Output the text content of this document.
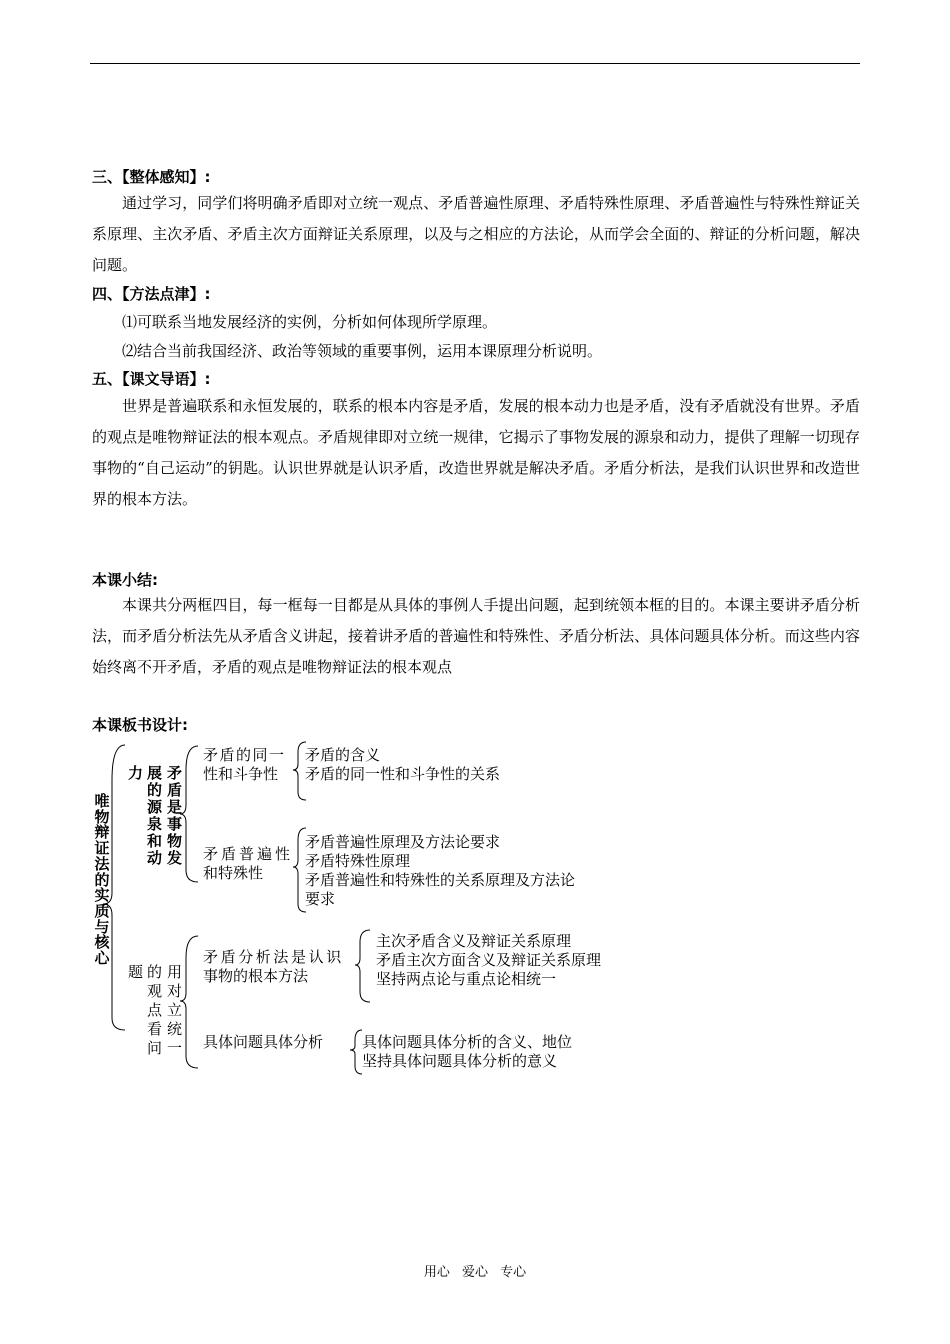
三、【整体感知】:
通过学习，同学们将明确矛盾即对立统一观点、矛盾普遍性原理、矛盾特殊性原理、矛盾普遍性与特殊性辩证关系原理、主次矛盾、矛盾主次方面辩证关系原理，以及与之相应的方法论，从而学会全面的、辩证的分析问题，解决问题。
四、【方法点津】:
⑴可联系当地发展经济的实例，分析如何体现所学原理。
⑵结合当前我国经济、政治等领域的重要事例，运用本课原理分析说明。
五、【课文导语】:
世界是普遍联系和永恒发展的，联系的根本内容是矛盾，发展的根本动力也是矛盾，没有矛盾就没有世界。矛盾的观点是唯物辩证法的根本观点。矛盾规律即对立统一规律，它揭示了事物发展的源泉和动力，提供了理解一切现存事物的“自己运动”的钥匙。认识世界就是认识矛盾，改造世界就是解决矛盾。矛盾分析法，是我们认识世界和改造世界的根本方法。
本课小结:
本课共分两框四目，每一框每一目都是从具体的事例人手提出问题，起到统领本框的目的。本课主要讲矛盾分析法，而矛盾分析法先从矛盾含义讲起，接着讲矛盾的普遍性和特殊性、矛盾分析法、具体问题具体分析。而这些内容始终离不开矛盾，矛盾的观点是唯物辩证法的根本观点
本课板书设计:
唯物辩证法的实质与核心
矛盾是事物发
展的源泉和动
力
用对立统一
的观点看问
题
矛盾的同一
性和斗争性
矛盾的含义
矛盾的同一性和斗争性的关系
矛盾普遍性
和特殊性
矛盾普遍性原理及方法论要求
矛盾特殊性原理
矛盾普遍性和特殊性的关系原理及方法论
要求
矛盾分析法是认识
事物的根本方法
主次矛盾含义及辩证关系原理
矛盾主次方面含义及辩证关系原理
坚持两点论与重点论相统一
具体问题具体分析	具体问题具体分析的含义、地位
坚持具体问题具体分析的意义
用心 爱心 专心
